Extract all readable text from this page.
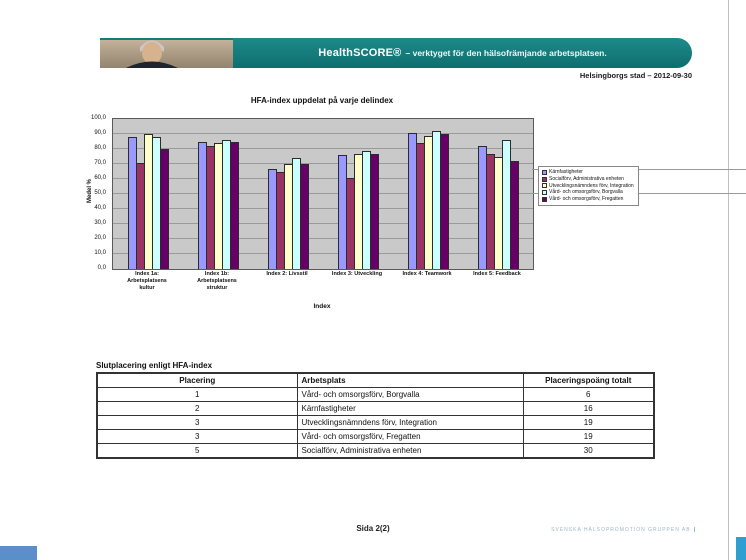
HealthSCORE® – verktyget för den hälsofrämjande arbetsplatsen.
Helsingborgs stad – 2012-09-30
HFA-index uppdelat på varje delindex
Medel %
100,0
90,0
80,0
70,0
60,0
50,0
40,0
30,0
20,0
10,0
0,0
Kärnfastigheter
Socialförv, Administrativa enheten
Utvecklingsnämndens förv, Integration
Vård- och omsorgsförv, Borgvalla
Vård- och omsorgsförv, Fregatten
Index 1a: Arbetsplatsens kultur
Index 1b: Arbetsplatsens struktur
Index 2: Livsstil	Index 3: Utveckling	Index 4: Teamwork	Index 5: Feedback
Index
Slutplacering enligt HFA-index
Placering	Arbetsplats	Placeringspoäng totalt
1	Vård- och omsorgsförv, Borgvalla	6
2	Kärnfastigheter	16
3	Utvecklingsnämndens förv, Integration	19
3	Vård- och omsorgsförv, Fregatten	19
5	Socialförv, Administrativa enheten	30
Sida 2(2)	SVENSKA HÄLSOPROMOTION GRUPPEN AB |
